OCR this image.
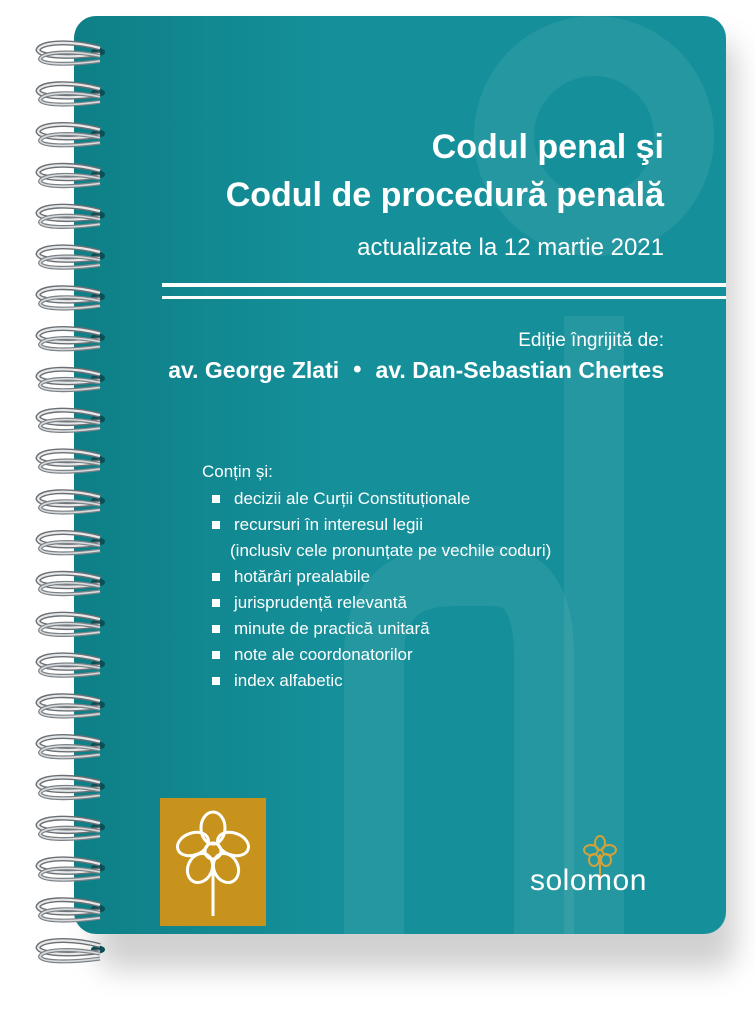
Codul penal şi
Codul de procedură penală
actualizate la 12 martie 2021
Ediție îngrijită de:
av. George Zlati • av. Dan-Sebastian Chertes
Conțin și:
decizii ale Curții Constituționale
recursuri în interesul legii
(inclusiv cele pronunțate pe vechile coduri)
hotărâri prealabile
jurisprudență relevantă
minute de practică unitară
note ale coordonatorilor
index alfabetic
solomon
